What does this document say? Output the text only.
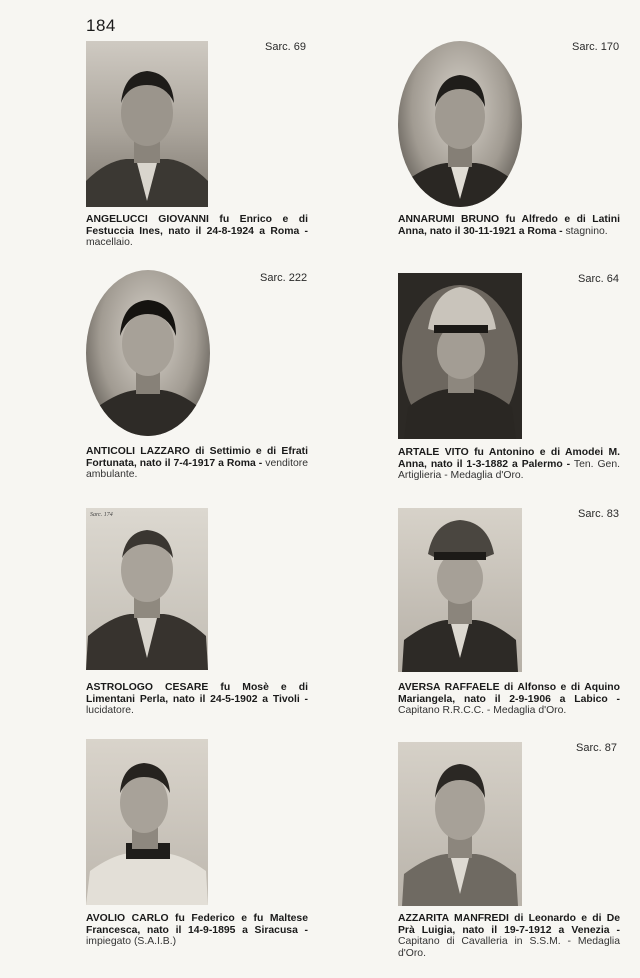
184
Sarc. 69
ANGELUCCI GIOVANNI fu Enrico e di Festuccia Ines, nato il 24-8-1924 a Roma - macellaio.
Sarc. 170
ANNARUMI BRUNO fu Alfredo e di Latini Anna, nato il 30-11-1921 a Roma - stagnino.
Sarc. 222
ANTICOLI LAZZARO di Settimio e di Efrati Fortunata, nato il 7-4-1917 a Roma - venditore ambulante.
Sarc. 64
ARTALE VITO fu Antonino e di Amodei M. Anna, nato il 1-3-1882 a Palermo - Ten. Gen. Artiglieria - Medaglia d'Oro.
Sarc. 174
ASTROLOGO CESARE fu Mosè e di Limentani Perla, nato il 24-5-1902 a Tivoli - lucidatore.
Sarc. 83
AVERSA RAFFAELE di Alfonso e di Aquino Mariangela, nato il 2-9-1906 a Labico - Capitano R.R.C.C. - Medaglia d'Oro.
AVOLIO CARLO fu Federico e fu Maltese Francesca, nato il 14-9-1895 a Siracusa - impiegato (S.A.I.B.)
Sarc. 87
AZZARITA MANFREDI di Leonardo e di De Prà Luigia, nato il 19-7-1912 a Venezia - Capitano di Cavalleria in S.S.M. - Medaglia d'Oro.
